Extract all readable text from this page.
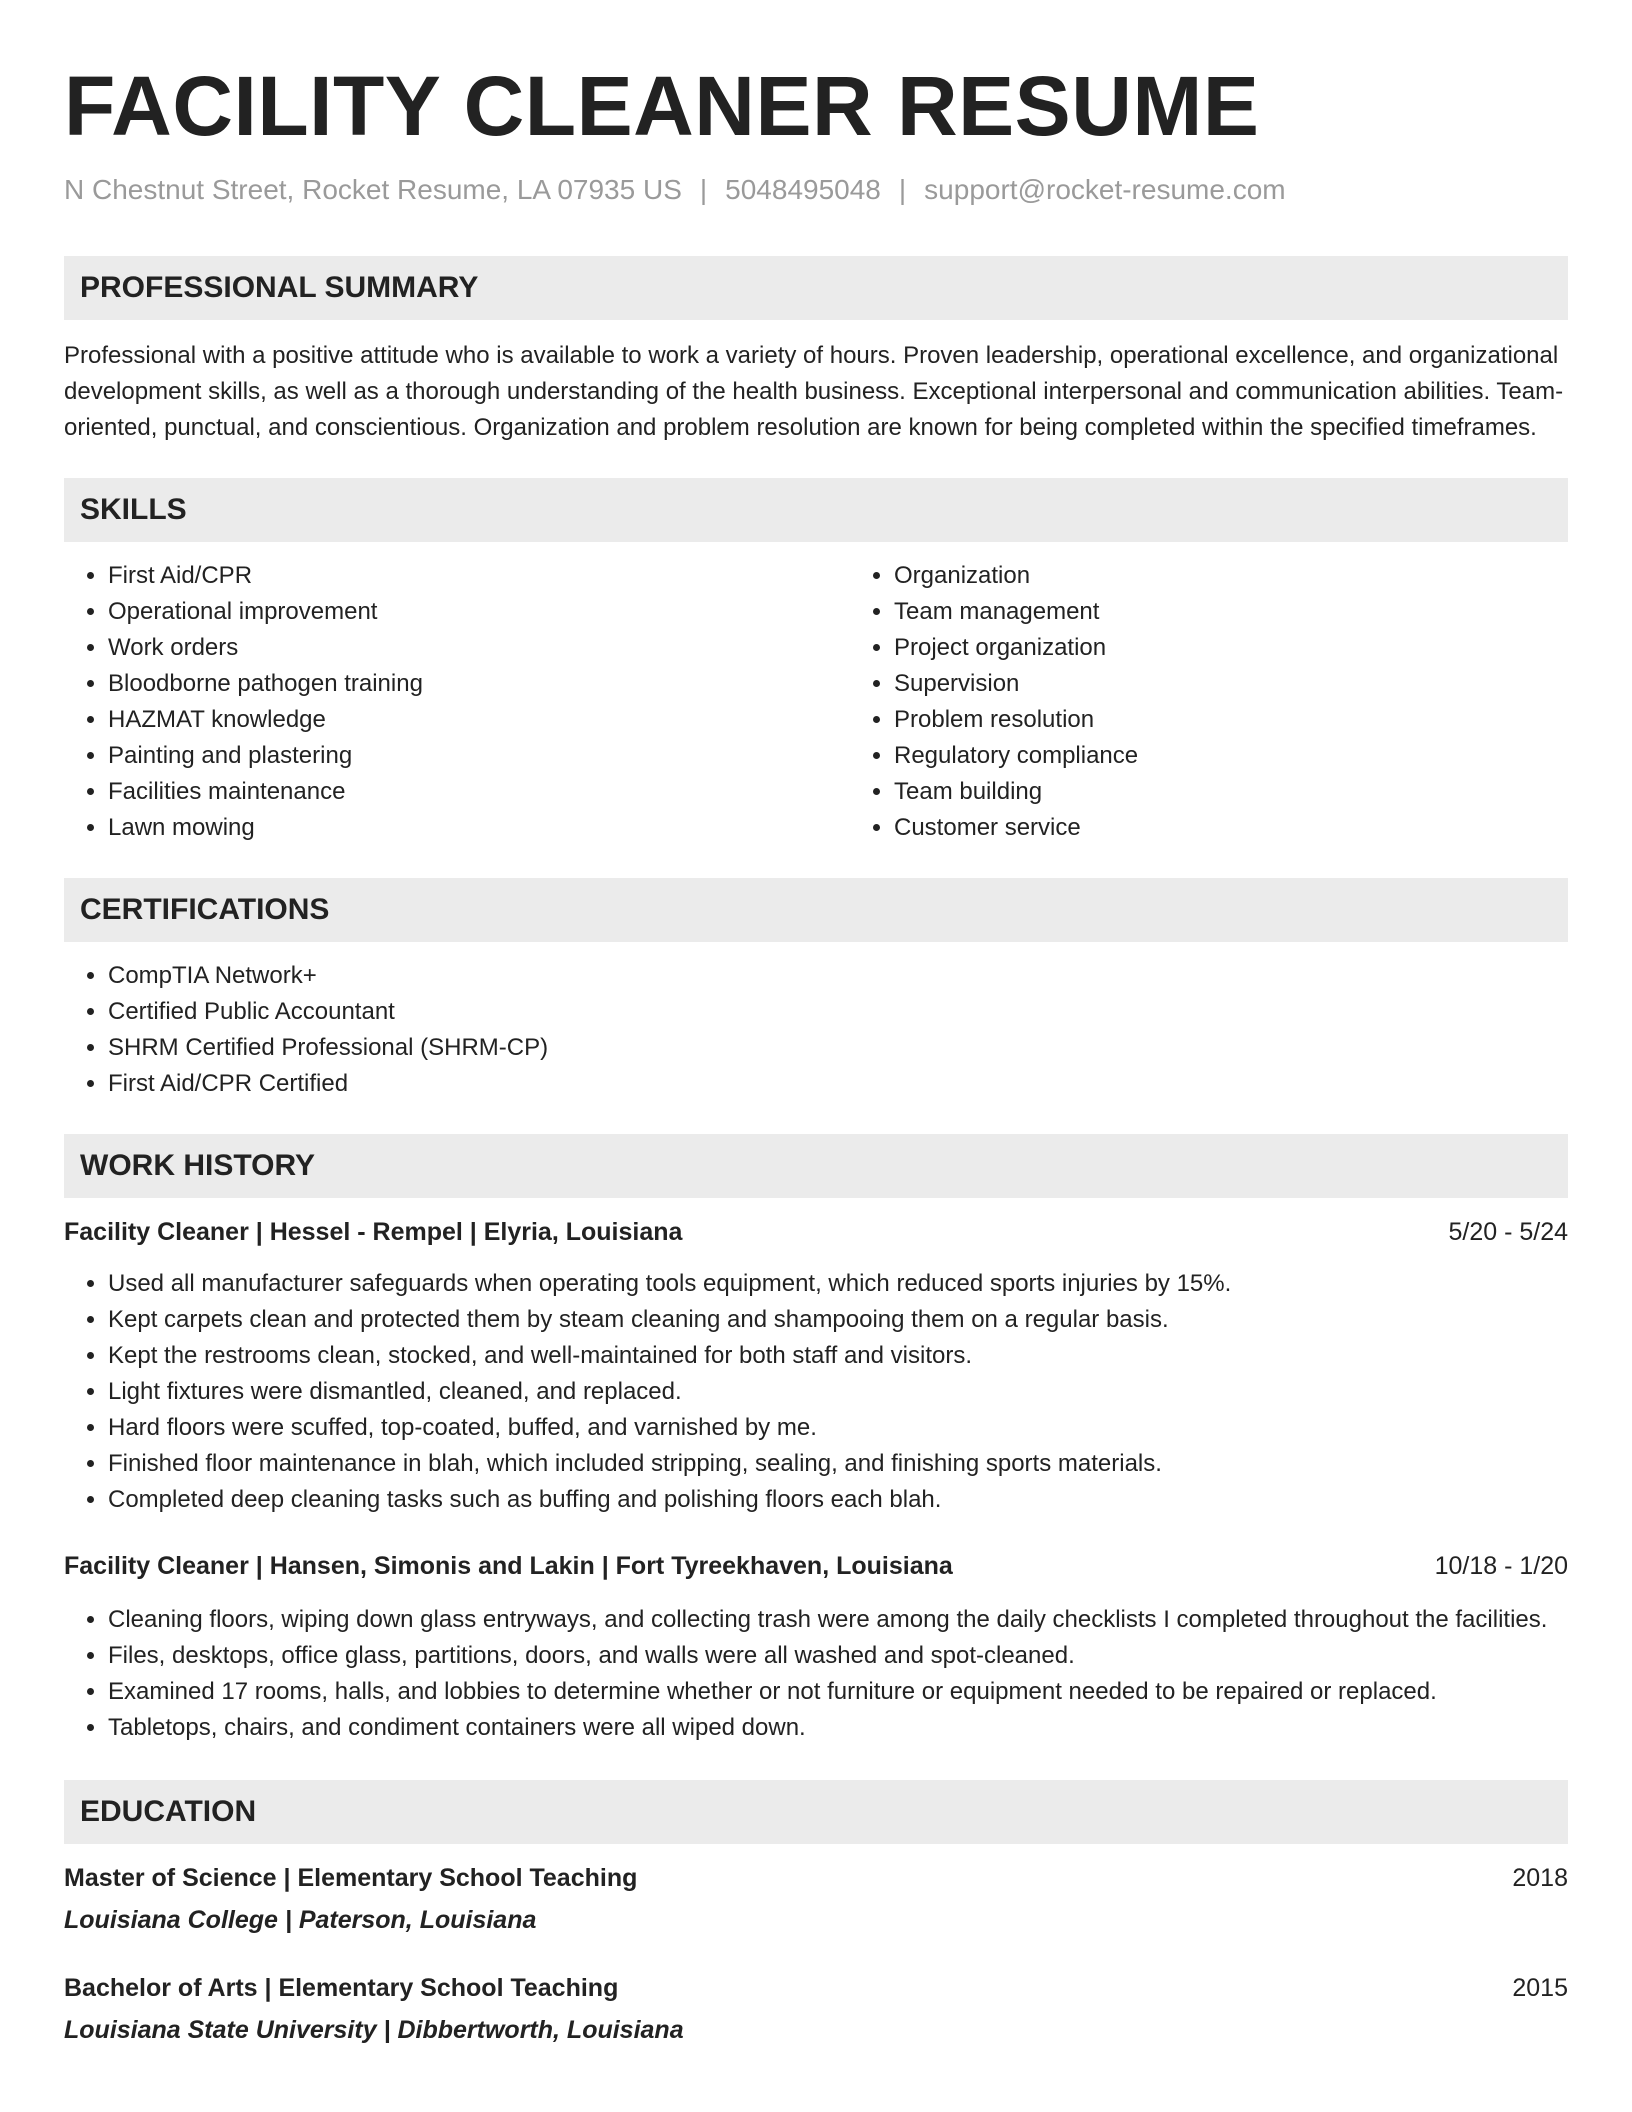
FACILITY CLEANER RESUME
N Chestnut Street, Rocket Resume, LA 07935 US | 5048495048 | support@rocket-resume.com
PROFESSIONAL SUMMARY

Professional with a positive attitude who is available to work a variety of hours. Proven leadership, operational excellence, and organizational development skills, as well as a thorough understanding of the health business. Exceptional interpersonal and communication abilities. Team-oriented, punctual, and conscientious. Organization and problem resolution are known for being completed within the specified timeframes.

SKILLS
• First Aid/CPR
• Operational improvement
• Work orders
• Bloodborne pathogen training
• HAZMAT knowledge
• Painting and plastering
• Facilities maintenance
• Lawn mowing
• Organization
• Team management
• Project organization
• Supervision
• Problem resolution
• Regulatory compliance
• Team building
• Customer service
CERTIFICATIONS
• CompTIA Network+
• Certified Public Accountant
• SHRM Certified Professional (SHRM-CP)
• First Aid/CPR Certified
WORK HISTORY
Facility Cleaner | Hessel - Rempel | Elyria, Louisiana	5/20 - 5/24
• Used all manufacturer safeguards when operating tools equipment, which reduced sports injuries by 15%.
• Kept carpets clean and protected them by steam cleaning and shampooing them on a regular basis.
• Kept the restrooms clean, stocked, and well-maintained for both staff and visitors.
• Light fixtures were dismantled, cleaned, and replaced.
• Hard floors were scuffed, top-coated, buffed, and varnished by me.
• Finished floor maintenance in blah, which included stripping, sealing, and finishing sports materials.
• Completed deep cleaning tasks such as buffing and polishing floors each blah.
Facility Cleaner | Hansen, Simonis and Lakin | Fort Tyreekhaven, Louisiana	10/18 - 1/20
• Cleaning floors, wiping down glass entryways, and collecting trash were among the daily checklists I completed throughout the facilities.
• Files, desktops, office glass, partitions, doors, and walls were all washed and spot-cleaned.
• Examined 17 rooms, halls, and lobbies to determine whether or not furniture or equipment needed to be repaired or replaced.
• Tabletops, chairs, and condiment containers were all wiped down.
EDUCATION
Master of Science | Elementary School Teaching	2018
Louisiana College | Paterson, Louisiana
Bachelor of Arts | Elementary School Teaching	2015
Louisiana State University | Dibbertworth, Louisiana
